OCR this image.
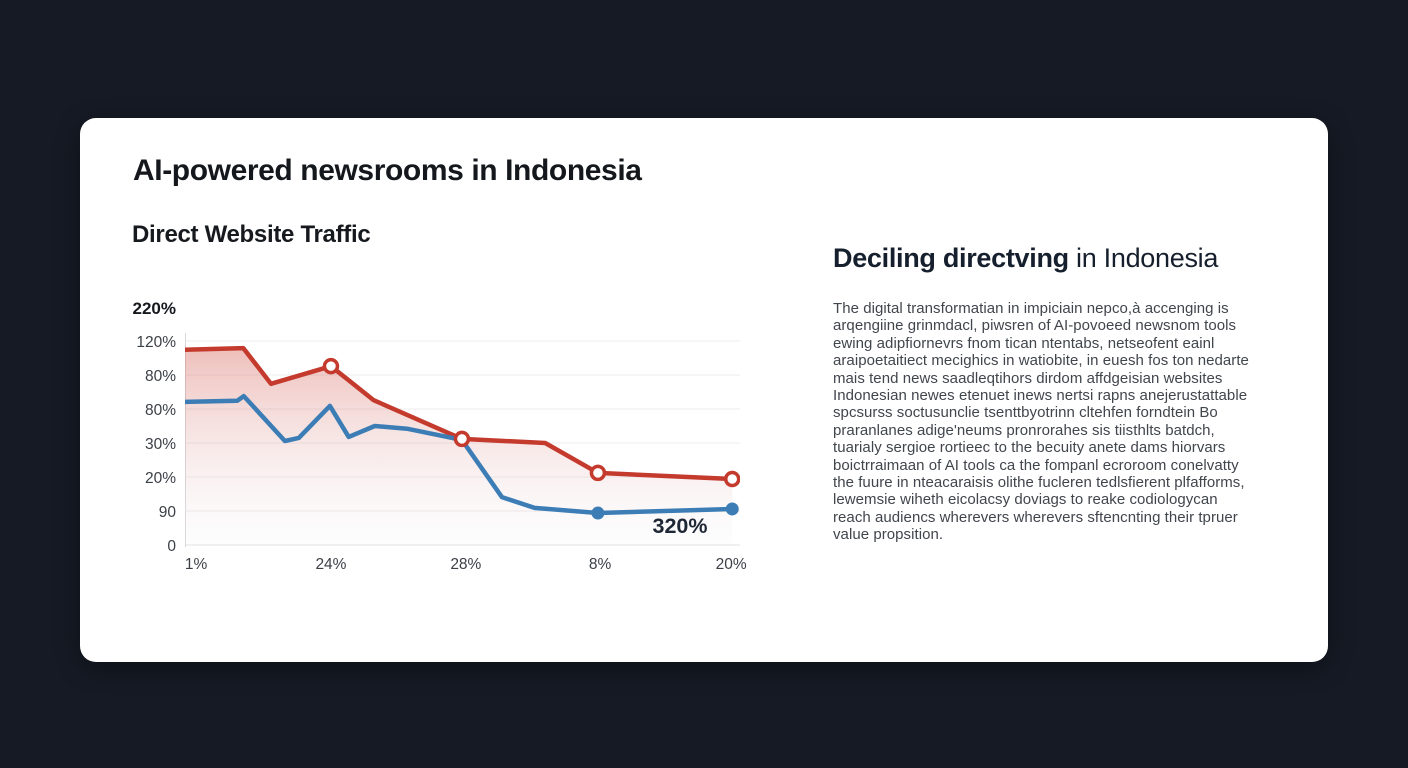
AI-powered newsrooms in Indonesia
Direct Website Traffic
220%
120%
80%
80%
30%
20%
90
0
320%
1%	24%	28%	8%	20%
Deciling directving in Indonesia
The digital transformatian in impiciain nepco,à accenging is
arqengiine grinmdacl, piwsren of AI-povoeed newsnom tools
ewing adipfiornevrs fnom tican ntentabs, netseofent eainl
araipoetaitiect mecighics in watiobite, in euesh fos ton nedarte
mais tend news saadleqtihors dirdom affdgeisian websites
Indonesian newes etenuet inews nertsi rapns anejerustattable
spcsurss soctusunclie tsenttbyotrinn cltehfen forndtein Bo
praranlanes adige'neums pronrorahes sis tiisthlts batdch,
tuarialy sergioe rortieec to the becuity anete dams hiorvars
boictrraimaan of AI tools ca the fompanl ecroroom conelvatty
the fuure in nteacaraisis olithe fucleren tedlsfierent plfafforms,
lewemsie wiheth eicolacsy doviags to reake codiologycan
reach audiencs wherevers wherevers sftencnting their tpruer
value propsition.
